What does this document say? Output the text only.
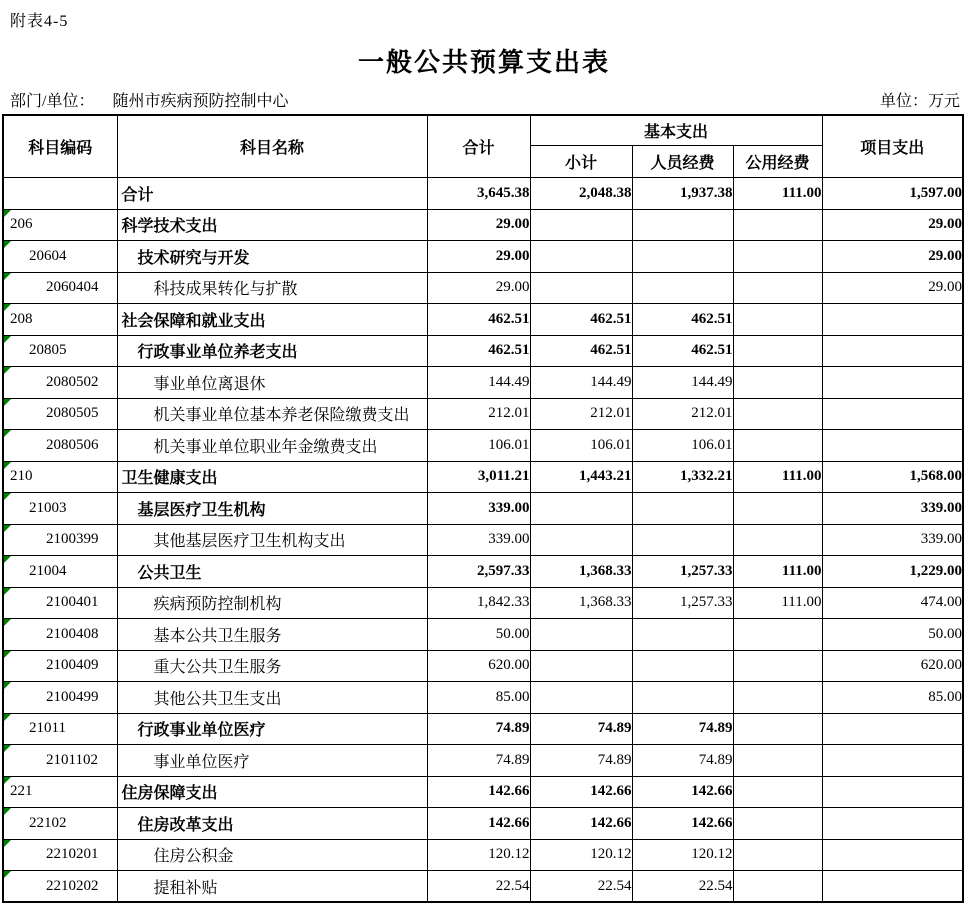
附表4-5
一般公共预算支出表
部门/单位： 随州市疾病预防控制中心	单位：万元
科目编码	科目名称	合计	基本支出			项目支出
			小计	人员经费	公用经费	
	合计	3,645.38	2,048.38	1,937.38	111.00	1,597.00

206	科学技术支出	29.00				29.00

20604	技术研究与开发	29.00				29.00

2060404	科技成果转化与扩散	29.00				29.00

208	社会保障和就业支出	462.51	462.51	462.51		

20805	行政事业单位养老支出	462.51	462.51	462.51		

2080502	事业单位离退休	144.49	144.49	144.49		

2080505	机关事业单位基本养老保险缴费支出	212.01	212.01	212.01		

2080506	机关事业单位职业年金缴费支出	106.01	106.01	106.01		

210	卫生健康支出	3,011.21	1,443.21	1,332.21	111.00	1,568.00

21003	基层医疗卫生机构	339.00				339.00

2100399	其他基层医疗卫生机构支出	339.00				339.00

21004	公共卫生	2,597.33	1,368.33	1,257.33	111.00	1,229.00

2100401	疾病预防控制机构	1,842.33	1,368.33	1,257.33	111.00	474.00

2100408	基本公共卫生服务	50.00				50.00

2100409	重大公共卫生服务	620.00				620.00

2100499	其他公共卫生支出	85.00				85.00

21011	行政事业单位医疗	74.89	74.89	74.89		

2101102	事业单位医疗	74.89	74.89	74.89		

221	住房保障支出	142.66	142.66	142.66		

22102	住房改革支出	142.66	142.66	142.66		

2210201	住房公积金	120.12	120.12	120.12		

2210202	提租补贴	22.54	22.54	22.54		
